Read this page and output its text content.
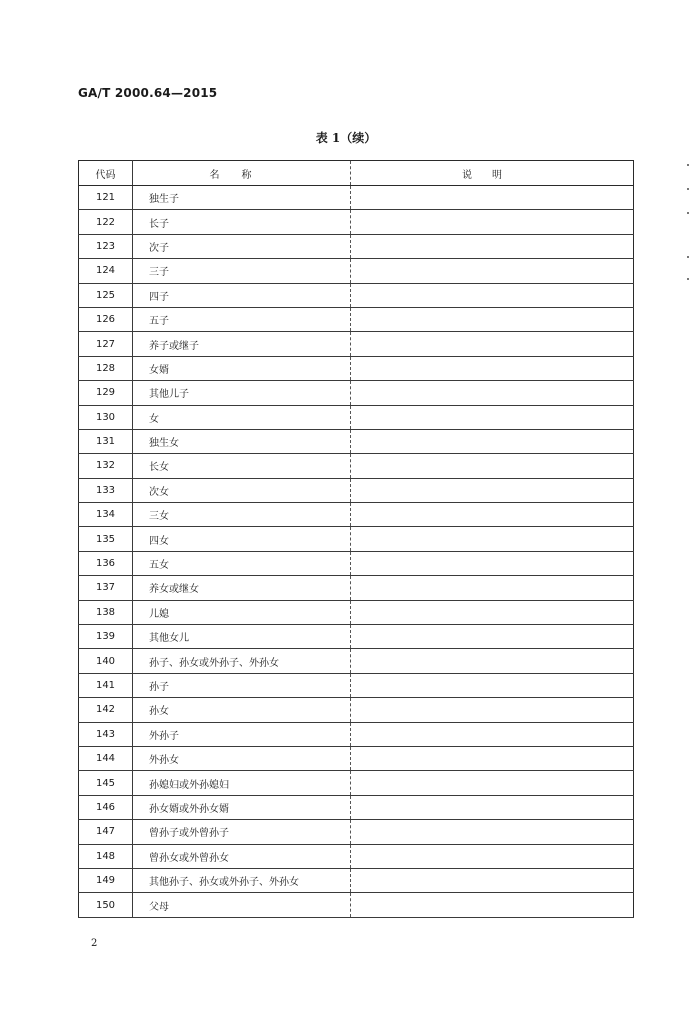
GA/T 2000.64—2015
表 1（续）
代码	名称	说明
121	独生子	
122	长子	
123	次子	
124	三子	
125	四子	
126	五子	
127	养子或继子	
128	女婿	
129	其他儿子	
130	女	
131	独生女	
132	长女	
133	次女	
134	三女	
135	四女	
136	五女	
137	养女或继女	
138	儿媳	
139	其他女儿	
140	孙子、孙女或外孙子、外孙女	
141	孙子	
142	孙女	
143	外孙子	
144	外孙女	
145	孙媳妇或外孙媳妇	
146	孙女婿或外孙女婿	
147	曾孙子或外曾孙子	
148	曾孙女或外曾孙女	
149	其他孙子、孙女或外孙子、外孙女	
150	父母	
2
